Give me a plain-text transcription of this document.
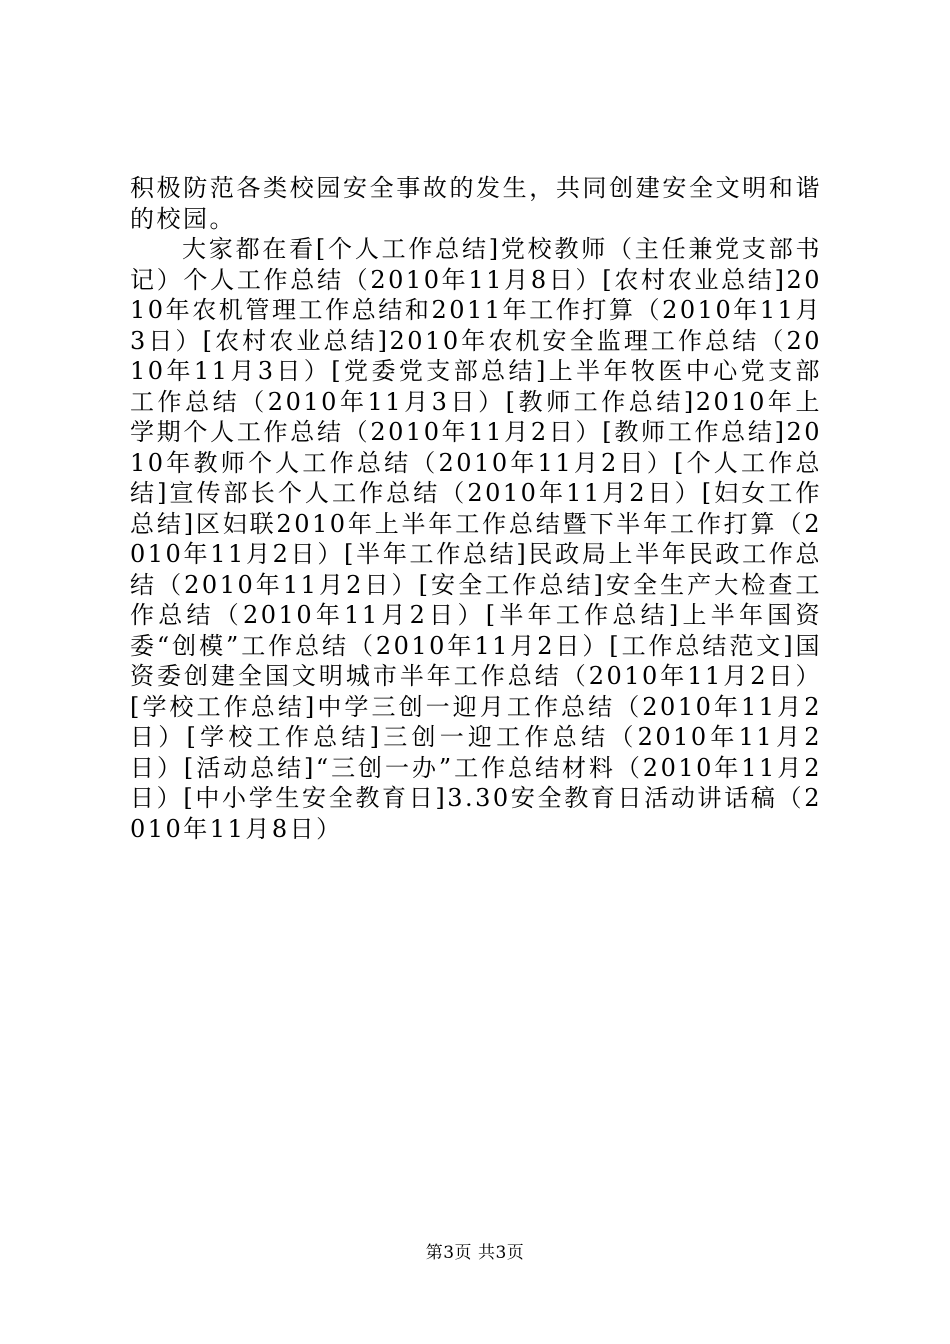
积极防范各类校园安全事故的发生，共同创建安全文明和谐的校园。

大家都在看[个人工作总结]党校教师（主任兼党支部书记）个人工作总结（2010年11月8日）[农村农业总结]2010年农机管理工作总结和2011年工作打算（2010年11月3日）[农村农业总结]2010年农机安全监理工作总结（2010年11月3日）[党委党支部总结]上半年牧医中心党支部工作总结（2010年11月3日）[教师工作总结]2010年上学期个人工作总结（2010年11月2日）[教师工作总结]2010年教师个人工作总结（2010年11月2日）[个人工作总结]宣传部长个人工作总结（2010年11月2日）[妇女工作总结]区妇联2010年上半年工作总结暨下半年工作打算（2010年11月2日）[半年工作总结]民政局上半年民政工作总结（2010年11月2日）[安全工作总结]安全生产大检查工作总结（2010年11月2日）[半年工作总结]上半年国资委“创模”工作总结（2010年11月2日）[工作总结范文]国资委创建全国文明城市半年工作总结（2010年11月2日）[学校工作总结]中学三创一迎月工作总结（2010年11月2日）[学校工作总结]三创一迎工作总结（2010年11月2日）[活动总结]“三创一办”工作总结材料（2010年11月2日）[中小学生安全教育日]3.30安全教育日活动讲话稿（2010年11月8日）

第3页 共3页
